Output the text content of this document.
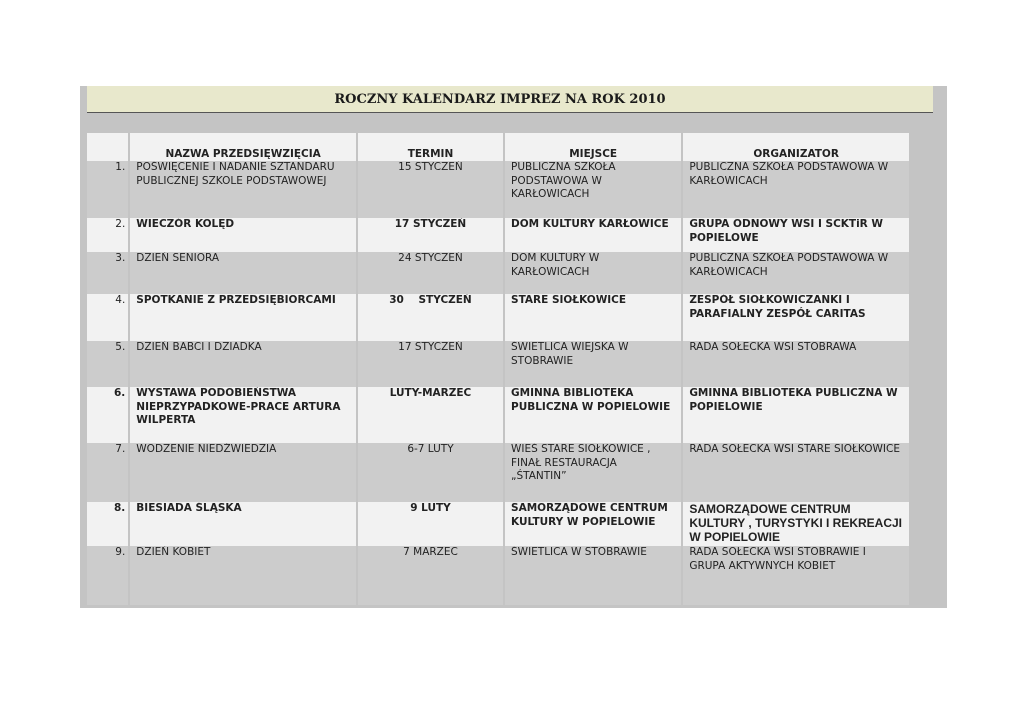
ROCZNY KALENDARZ IMPREZ NA ROK 2010
	NAZWA PRZEDSIĘWZIĘCIA	TERMIN	MIEJSCE	ORGANIZATOR
1.	POŚWIĘCENIE I NADANIE SZTANDARU PUBLICZNEJ SZKOLE PODSTAWOWEJ	15 STYCZEŃ	PUBLICZNA SZKOŁA PODSTAWOWA W KARŁOWICACH	PUBLICZNA SZKOŁA PODSTAWOWA W KARŁOWICACH
2.	WIECZÓR KOLĘD	17 STYCZEŃ	DOM KULTURY KARŁOWICE	GRUPA ODNOWY WSI I SCKTiR W POPIELOWE
3.	DZIEŃ SENIORA	24 STYCZEŃ	DOM KULTURY W KARŁOWICACH	PUBLICZNA SZKOŁA PODSTAWOWA W KARŁOWICACH
4.	SPOTKANIE Z PRZEDSIĘBIORCAMI	30    STYCZEŃ	STARE SIOŁKOWICE	ZESPÓŁ SIOŁKOWICZANKI I PARAFIALNY ZESPÓŁ CARITAS
5.	DZIEŃ BABCI I DZIADKA	17 STYCZEŃ	ŚWIETLICA WIEJSKA W STOBRAWIE	RADA SOŁECKA WSI STOBRAWA
6.	WYSTAWA PODOBIEŃSTWA NIEPRZYPADKOWE-PRACE ARTURA WILPERTA	LUTY-MARZEC	GMINNA BIBLIOTEKA PUBLICZNA W POPIELOWIE	GMINNA BIBLIOTEKA PUBLICZNA W POPIELOWIE
7.	WODZENIE NIEDŹWIEDZIA	6-7 LUTY	WIEŚ STARE SIOŁKOWICE , FINAŁ RESTAURACJA „ŚTANTIN”	RADA SOŁECKA WSI STARE SIOŁKOWICE
8.	BIESIADA ŚLĄSKA	9 LUTY	SAMORZĄDOWE CENTRUM KULTURY W POPIELOWIE	SAMORZĄDOWE CENTRUM KULTURY , TURYSTYKI I REKREACJI W POPIELOWIE
9.	DZIEŃ KOBIET	7 MARZEC	ŚWIETLICA W STOBRAWIE	RADA SOŁECKA WSI STOBRAWIE I GRUPA AKTYWNYCH KOBIET
